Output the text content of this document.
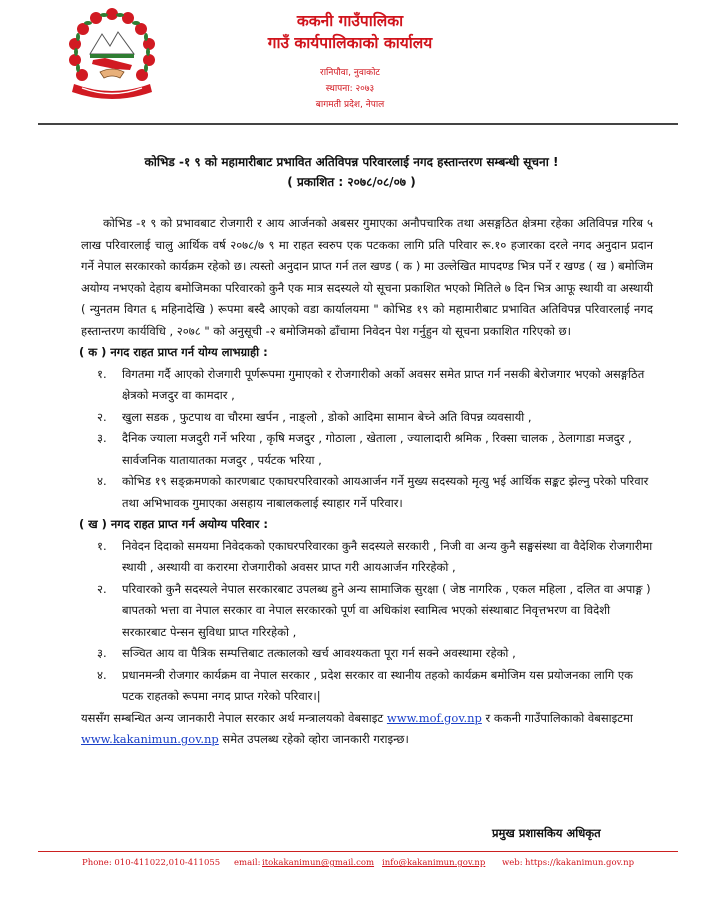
ककनी गाउँपालिका
गाउँ कार्यपालिकाको कार्यालय
रानिपौवा, नुवाकोट
स्थापना: २०७३
बागमती प्रदेश, नेपाल
कोभिड -१ ९ को महामारीबाट प्रभावित अतिविपन्न परिवारलाई नगद हस्तान्तरण सम्बन्धी सूचना !
( प्रकाशित : २०७८/०८/०७ )

कोभिड -१ ९ को प्रभावबाट रोजगारी र आय आर्जनको अबसर गुमाएका अनौपचारिक तथा असङ्गठित क्षेत्रमा रहेका अतिविपन्न गरिब ५ लाख परिवारलाई चालु आर्थिक वर्ष २०७८/७ ९ मा राहत स्वरुप एक पटकका लागि प्रति परिवार रू.१० हजारका दरले नगद अनुदान प्रदान गर्ने नेपाल सरकारको कार्यक्रम रहेको छ। त्यस्तो अनुदान प्राप्त गर्न तल खण्ड ( क ) मा उल्लेखित मापदण्ड भित्र पर्ने र खण्ड ( ख ) बमोजिम अयोग्य नभएको देहाय बमोजिमका परिवारको कुनै एक मात्र सदस्यले यो सूचना प्रकाशित भएको मितिले ७ दिन भित्र आफू स्थायी वा अस्थायी ( न्युनतम विगत ६ महिनादेखि ) रूपमा बस्दै आएको वडा कार्यालयमा " कोभिड १९ को महामारीबाट प्रभावित अतिविपन्न परिवारलाई नगद हस्तान्तरण कार्यविधि , २०७८ " को अनुसूची -२ बमोजिमको ढाँचामा निवेदन पेश गर्नुहुन यो सूचना प्रकाशित गरिएको छ।

( क ) नगद राहत प्राप्त गर्न योग्य लाभग्राही :
१. विगतमा गर्दै आएको रोजगारी पूर्णरूपमा गुमाएको र रोजगारीको अर्को अवसर समेत प्राप्त गर्न नसकी बेरोजगार भएको असङ्गठित क्षेत्रको मजदुर वा कामदार ,
२. खुला सडक , फुटपाथ वा चौरमा खर्पन , नाङ्लो , डोको आदिमा सामान बेच्ने अति विपन्न व्यवसायी ,
३. दैनिक ज्याला मजदुरी गर्ने भरिया , कृषि मजदुर , गोठाला , खेताला , ज्यालादारी श्रमिक , रिक्सा चालक , ठेलागाडा मजदुर , सार्वजनिक यातायातका मजदुर , पर्यटक भरिया ,
४. कोभिड १९ सङ्क्रमणको कारणबाट एकाघरपरिवारको आयआर्जन गर्ने मुख्य सदस्यको मृत्यु भई आर्थिक सङ्कट झेल्नु परेको परिवार तथा अभिभावक गुमाएका असहाय नाबालकलाई स्याहार गर्ने परिवार।
( ख ) नगद राहत प्राप्त गर्न अयोग्य परिवार :
१. निवेदन दिदाको समयमा निवेदकको एकाघरपरिवारका कुनै सदस्यले सरकारी , निजी वा अन्य कुनै सङ्घसंस्था वा वैदेशिक रोजगारीमा स्थायी , अस्थायी वा करारमा रोजगारीको अवसर प्राप्त गरी आयआर्जन गरिरहेको ,
२. परिवारको कुनै सदस्यले नेपाल सरकारबाट उपलब्ध हुने अन्य सामाजिक सुरक्षा ( जेष्ठ नागरिक , एकल महिला , दलित वा अपाङ्ग ) बापतको भत्ता वा नेपाल सरकार वा नेपाल सरकारको पूर्ण वा अधिकांश स्वामित्व भएको संस्थाबाट निवृत्तभरण वा विदेशी सरकारबाट पेन्सन सुविधा प्राप्त गरिरहेको ,
३. सञ्चित आय वा पैत्रिक सम्पत्तिबाट तत्कालको खर्च आवश्यकता पूरा गर्न सक्ने अवस्थामा रहेको ,
४. प्रधानमन्त्री रोजगार कार्यक्रम वा नेपाल सरकार , प्रदेश सरकार वा स्थानीय तहको कार्यक्रम बमोजिम यस प्रयोजनका लागि एक पटक राहतको रूपमा नगद प्राप्त गरेको परिवार।|

यससँग सम्बन्धित अन्य जानकारी नेपाल सरकार अर्थ मन्त्रालयको वेबसाइट www.mof.gov.np र ककनी गाउँपालिकाको वेबसाइटमा www.kakanimun.gov.np समेत उपलब्ध रहेको व्होरा जानकारी गराइन्छ।

प्रमुख प्रशासकिय अधिकृत
Phone: 010-411022,010-411055 email: itokakanimun@gmail.com info@kakanimun.gov.np web: https://kakanimun.gov.np
